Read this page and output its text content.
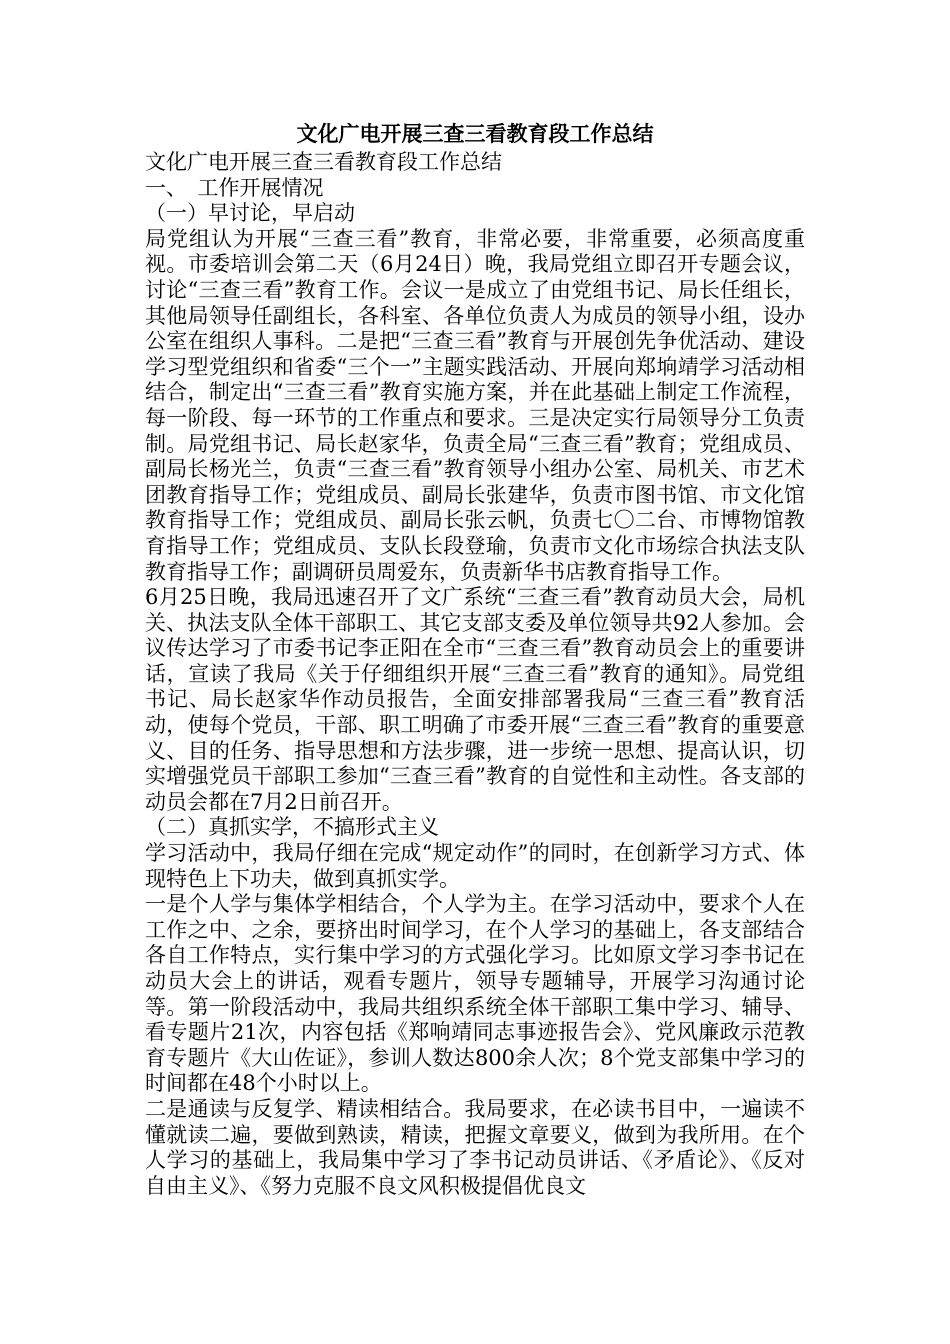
文化广电开展三查三看教育段工作总结

文化广电开展三查三看教育段工作总结

一、　工作开展情况

（一）早讨论，早启动

局党组认为开展“三查三看”教育，非常必要，非常重要，必须高度重视。市委培训会第二天（6月24日）晚，我局党组立即召开专题会议，讨论“三查三看”教育工作。会议一是成立了由党组书记、局长任组长，其他局领导任副组长，各科室、各单位负责人为成员的领导小组，设办公室在组织人事科。二是把“三查三看”教育与开展创先争优活动、建设学习型党组织和省委“三个一”主题实践活动、开展向郑垧靖学习活动相结合，制定出“三查三看”教育实施方案，并在此基础上制定工作流程，每一阶段、每一环节的工作重点和要求。三是决定实行局领导分工负责制。局党组书记、局长赵家华，负责全局“三查三看”教育；党组成员、副局长杨光兰，负责“三查三看”教育领导小组办公室、局机关、市艺术团教育指导工作；党组成员、副局长张建华，负责市图书馆、市文化馆教育指导工作；党组成员、副局长张云帆，负责七〇二台、市博物馆教育指导工作；党组成员、支队长段登瑜，负责市文化市场综合执法支队教育指导工作；副调研员周爱东，负责新华书店教育指导工作。

6月25日晚，我局迅速召开了文广系统“三查三看”教育动员大会，局机关、执法支队全体干部职工、其它支部支委及单位领导共92人参加。会议传达学习了市委书记李正阳在全市“三查三看”教育动员会上的重要讲话，宣读了我局《关于仔细组织开展“三查三看”教育的通知》。局党组书记、局长赵家华作动员报告，全面安排部署我局“三查三看”教育活动，使每个党员，干部、职工明确了市委开展“三查三看”教育的重要意义、目的任务、指导思想和方法步骤，进一步统一思想、提高认识，切实增强党员干部职工参加“三查三看”教育的自觉性和主动性。各支部的动员会都在7月2日前召开。

（二）真抓实学，不搞形式主义

学习活动中，我局仔细在完成“规定动作”的同时，在创新学习方式、体现特色上下功夫，做到真抓实学。

一是个人学与集体学相结合，个人学为主。在学习活动中，要求个人在工作之中、之余，要挤出时间学习，在个人学习的基础上，各支部结合各自工作特点，实行集中学习的方式强化学习。比如原文学习李书记在动员大会上的讲话，观看专题片，领导专题辅导，开展学习沟通讨论等。第一阶段活动中，我局共组织系统全体干部职工集中学习、辅导、看专题片21次，内容包括《郑响靖同志事迹报告会》、党风廉政示范教育专题片《大山佐证》，参训人数达800余人次；8个党支部集中学习的时间都在48个小时以上。

二是通读与反复学、精读相结合。我局要求，在必读书目中，一遍读不懂就读二遍，要做到熟读，精读，把握文章要义，做到为我所用。在个人学习的基础上，我局集中学习了李书记动员讲话、《矛盾论》、《反对自由主义》、《努力克服不良文风积极提倡优良文
